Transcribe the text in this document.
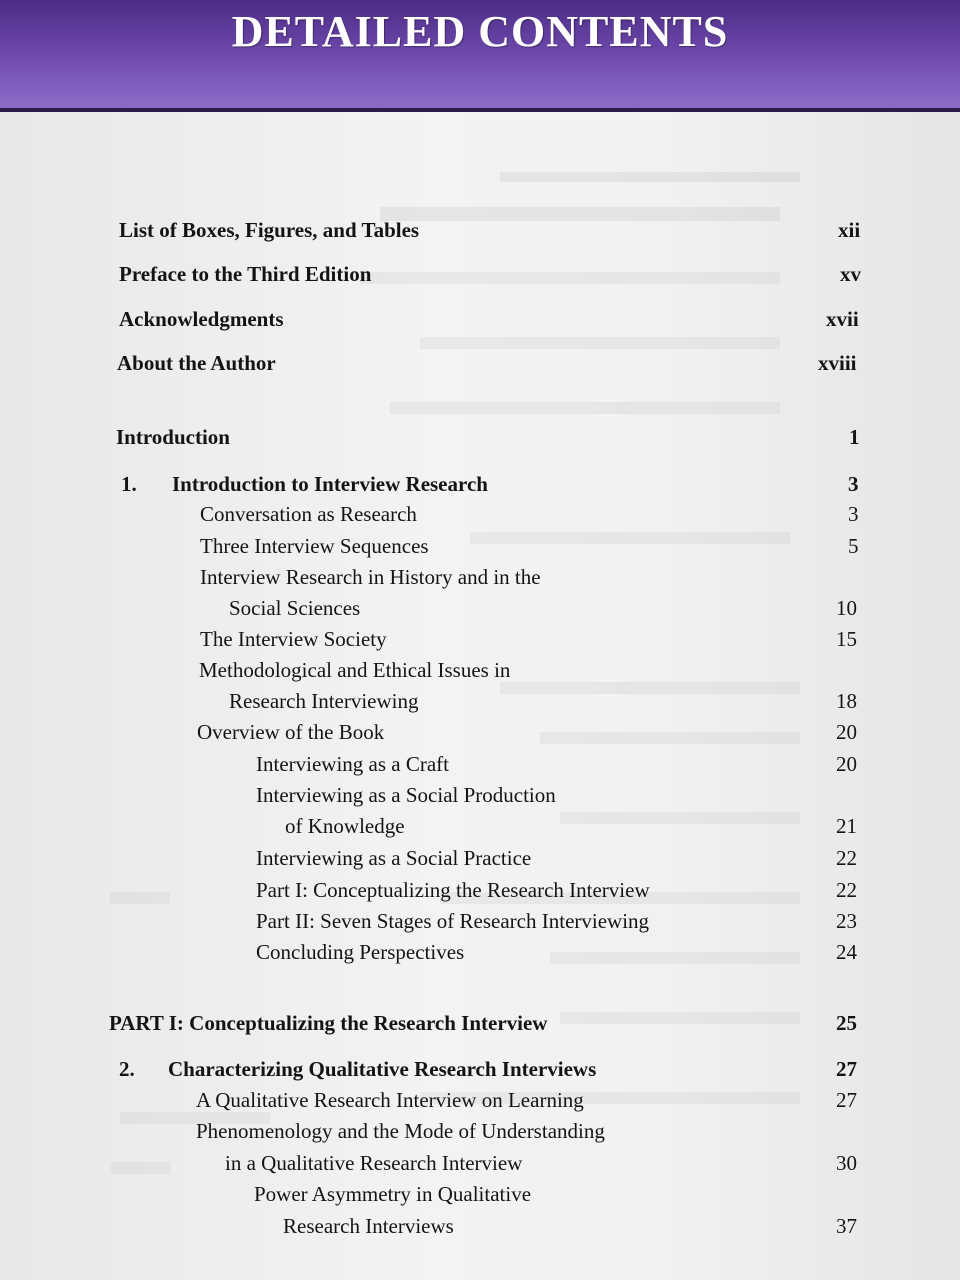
DETAILED CONTENTS
List of Boxes, Figures, and Tables	xii
Preface to the Third Edition	xv
Acknowledgments	xvii
About the Author	xviii
Introduction	1
1. Introduction to Interview Research	3
Conversation as Research	3
Three Interview Sequences	5
Interview Research in History and in the
Social Sciences	10
The Interview Society	15
Methodological and Ethical Issues in
Research Interviewing	18
Overview of the Book	20
Interviewing as a Craft	20
Interviewing as a Social Production
of Knowledge	21
Interviewing as a Social Practice	22
Part I: Conceptualizing the Research Interview	22
Part II: Seven Stages of Research Interviewing	23
Concluding Perspectives	24
PART I: Conceptualizing the Research Interview	25
2. Characterizing Qualitative Research Interviews	27
A Qualitative Research Interview on Learning	27
Phenomenology and the Mode of Understanding
in a Qualitative Research Interview	30
Power Asymmetry in Qualitative
Research Interviews	37
